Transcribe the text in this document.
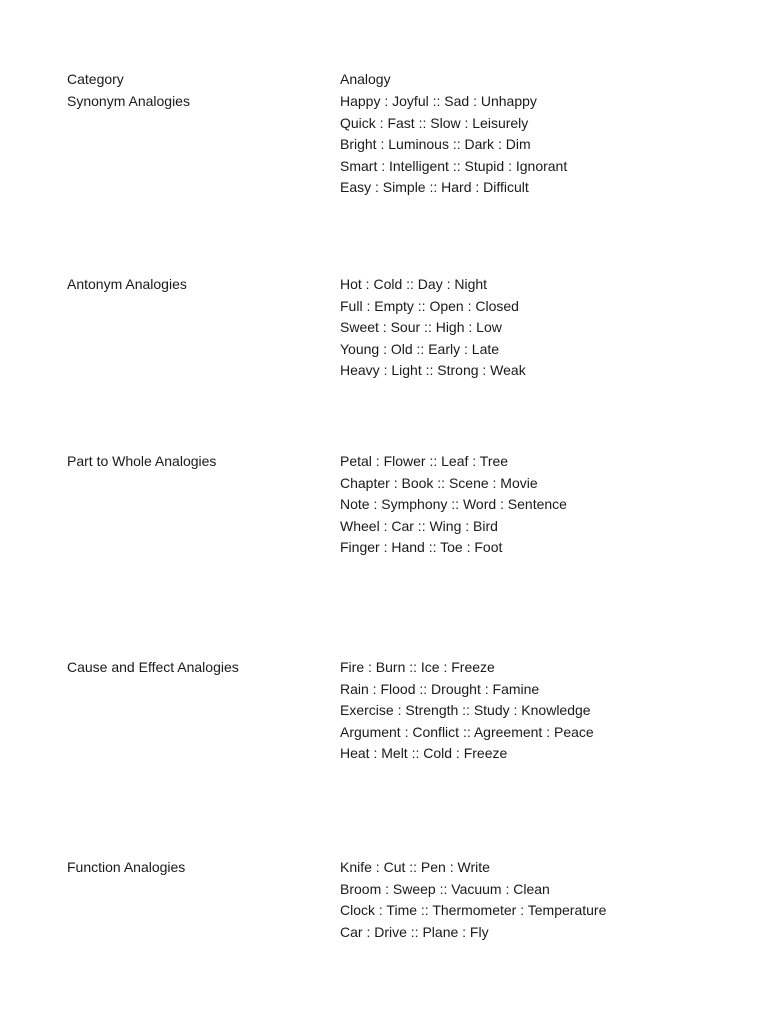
Category	Analogy
Synonym Analogies	Happy : Joyful :: Sad : Unhappy
Quick : Fast :: Slow : Leisurely
Bright : Luminous :: Dark : Dim
Smart : Intelligent :: Stupid : Ignorant
Easy : Simple :: Hard : Difficult
Antonym Analogies	Hot : Cold :: Day : Night
Full : Empty :: Open : Closed
Sweet : Sour :: High : Low
Young : Old :: Early : Late
Heavy : Light :: Strong : Weak
Part to Whole Analogies	Petal : Flower :: Leaf : Tree
Chapter : Book :: Scene : Movie
Note : Symphony :: Word : Sentence
Wheel : Car :: Wing : Bird
Finger : Hand :: Toe : Foot
Cause and Effect Analogies	Fire : Burn :: Ice : Freeze
Rain : Flood :: Drought : Famine
Exercise : Strength :: Study : Knowledge
Argument : Conflict :: Agreement : Peace
Heat : Melt :: Cold : Freeze
Function Analogies	Knife : Cut :: Pen : Write
Broom : Sweep :: Vacuum : Clean
Clock : Time :: Thermometer : Temperature
Car : Drive :: Plane : Fly
